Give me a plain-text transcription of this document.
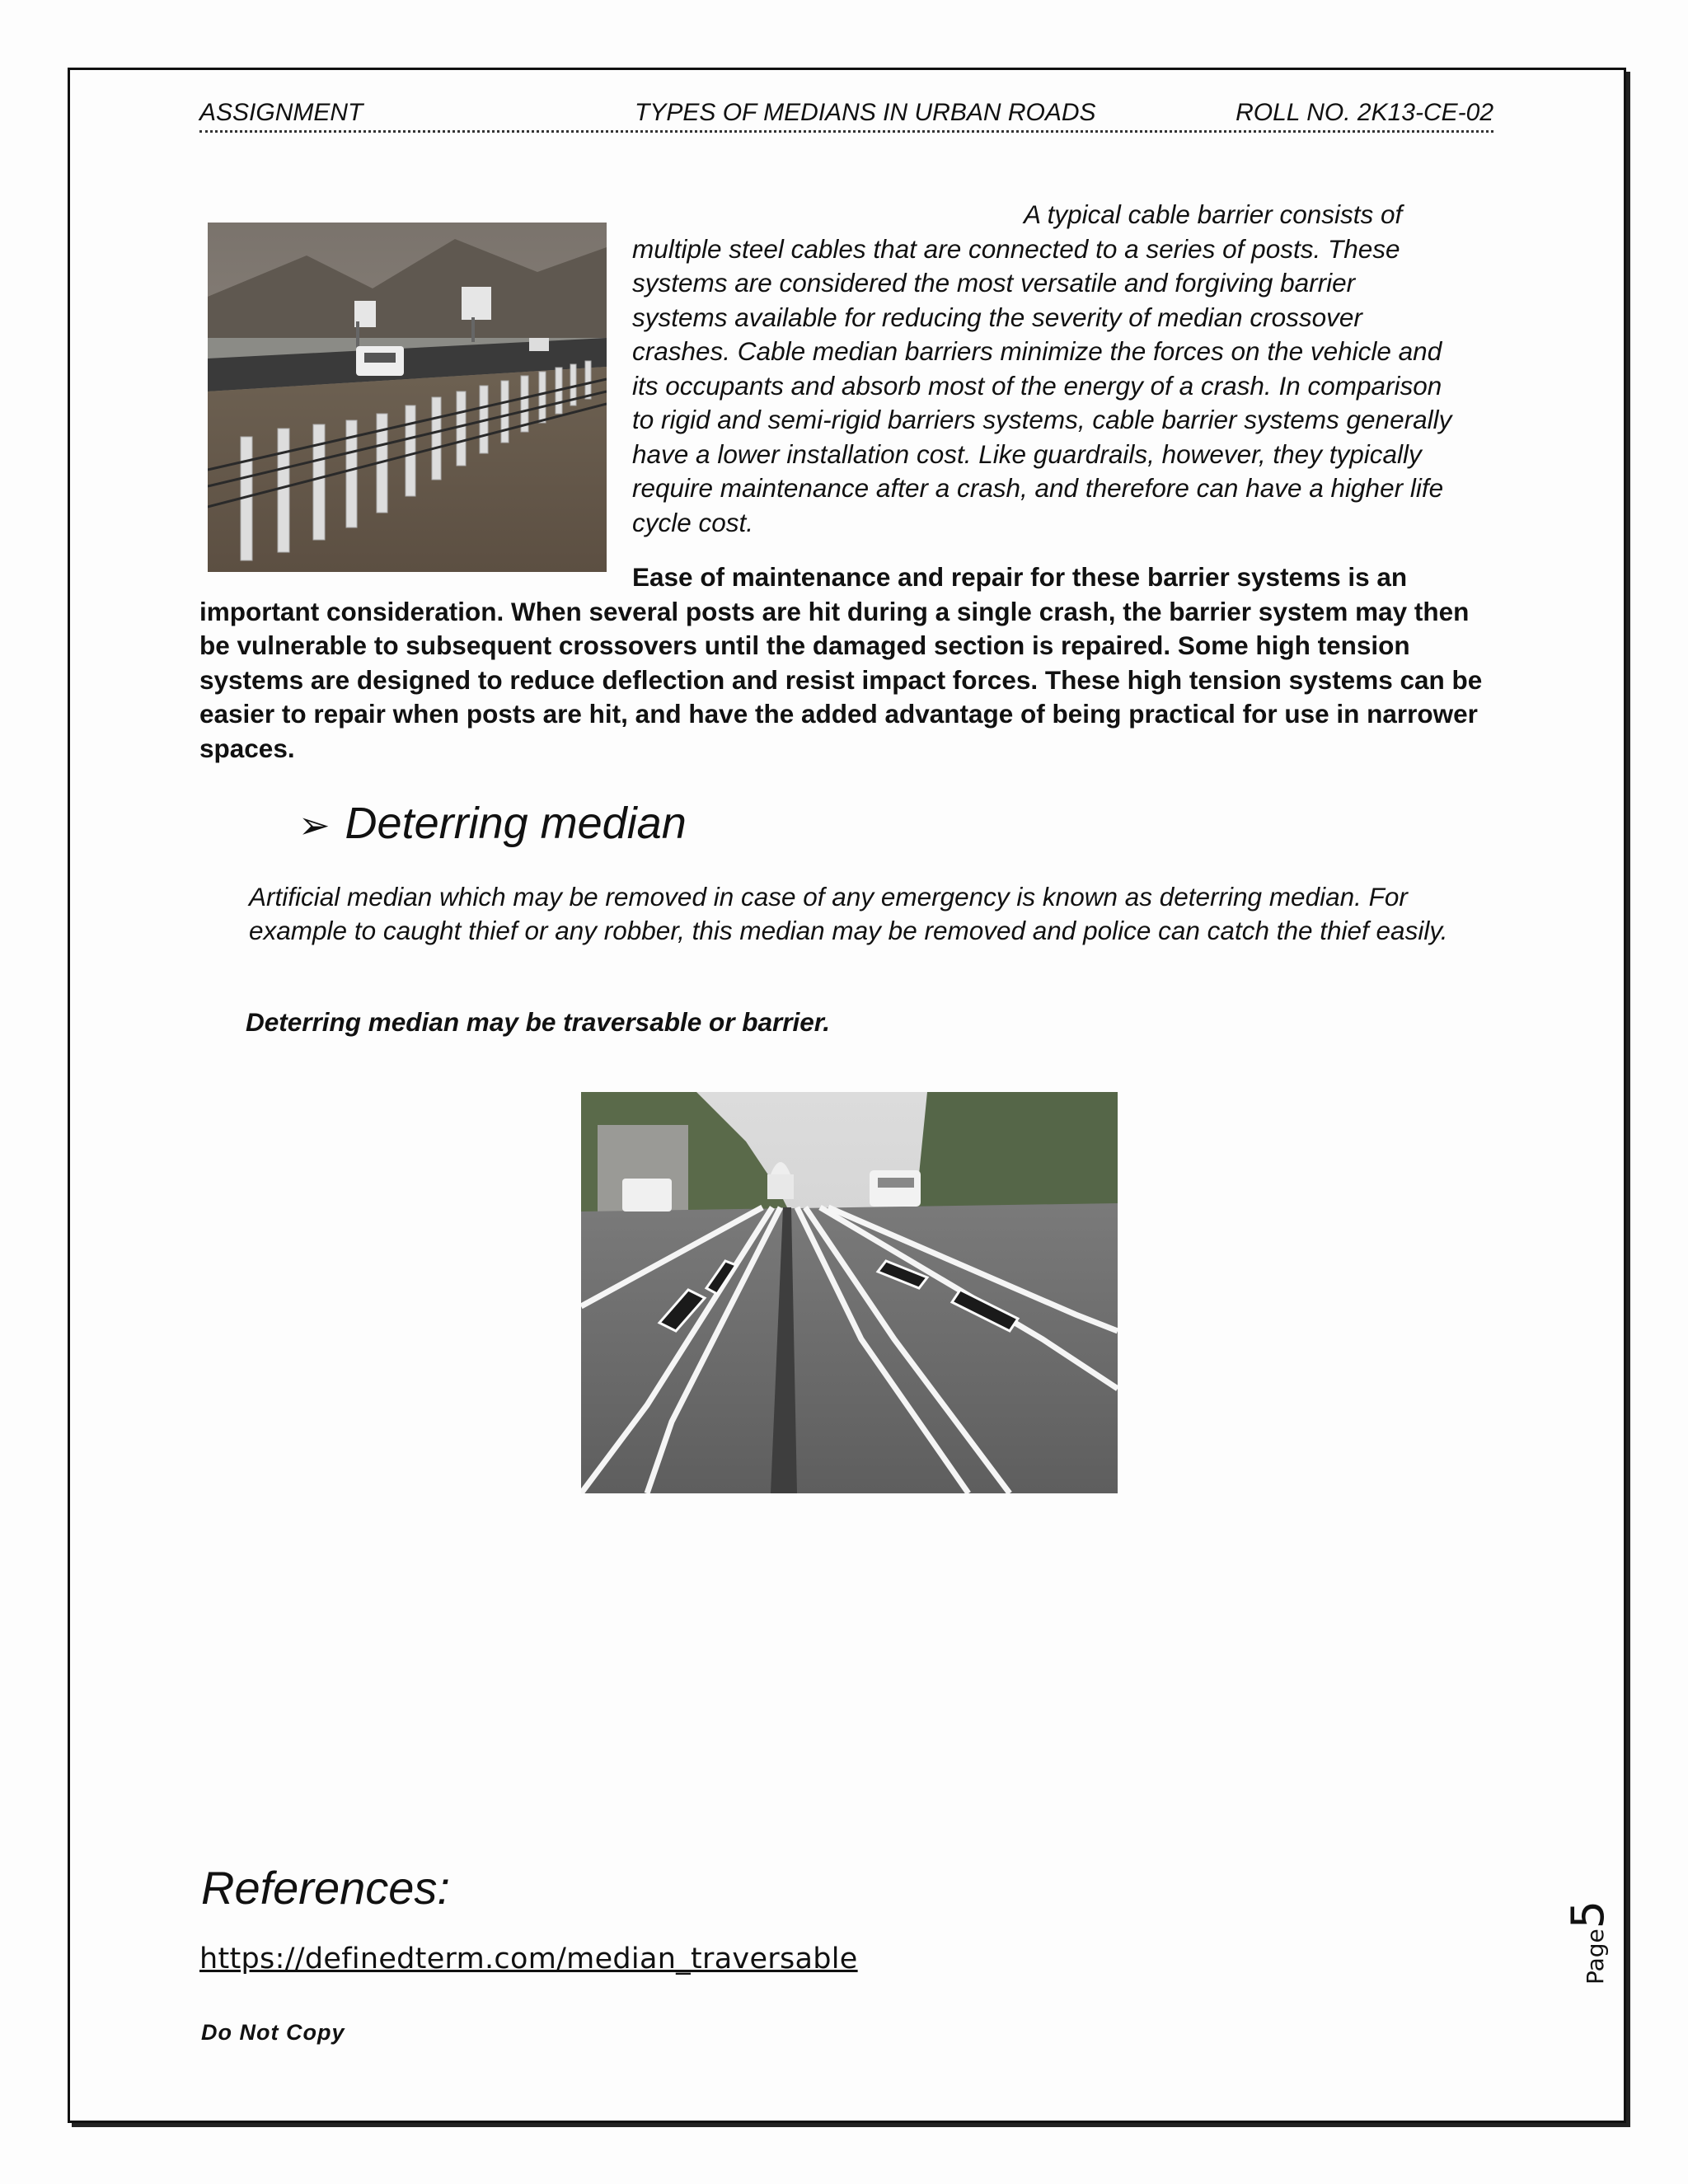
ASSIGNMENT	TYPES OF MEDIANS IN URBAN ROADS	ROLL NO. 2K13-CE-02
A typical cable barrier consists of
multiple steel cables that are connected to a series of posts. These systems are considered the most versatile and forgiving barrier systems available for reducing the severity of median crossover crashes. Cable median barriers minimize the forces on the vehicle and its occupants and absorb most of the energy of a crash. In comparison to rigid and semi-rigid barriers systems, cable barrier systems generally have a lower installation cost. Like guardrails, however, they typically require maintenance after a crash, and therefore can have a higher life cycle cost.
Ease of maintenance and repair for these barrier systems is an important consideration. When several posts are hit during a single crash, the barrier system may then be vulnerable to subsequent crossovers until the damaged section is repaired. Some high tension systems are designed to reduce deflection and resist impact forces. These high tension systems can be easier to repair when posts are hit, and have the added advantage of being practical for use in narrower spaces.
➢ Deterring median
Artificial median which may be removed in case of any emergency is known as deterring median. For example to caught thief or any robber, this median may be removed and police can catch the thief easily.
Deterring median may be traversable or barrier.
References:
https://definedterm.com/median_traversable
Do Not Copy
Page5
